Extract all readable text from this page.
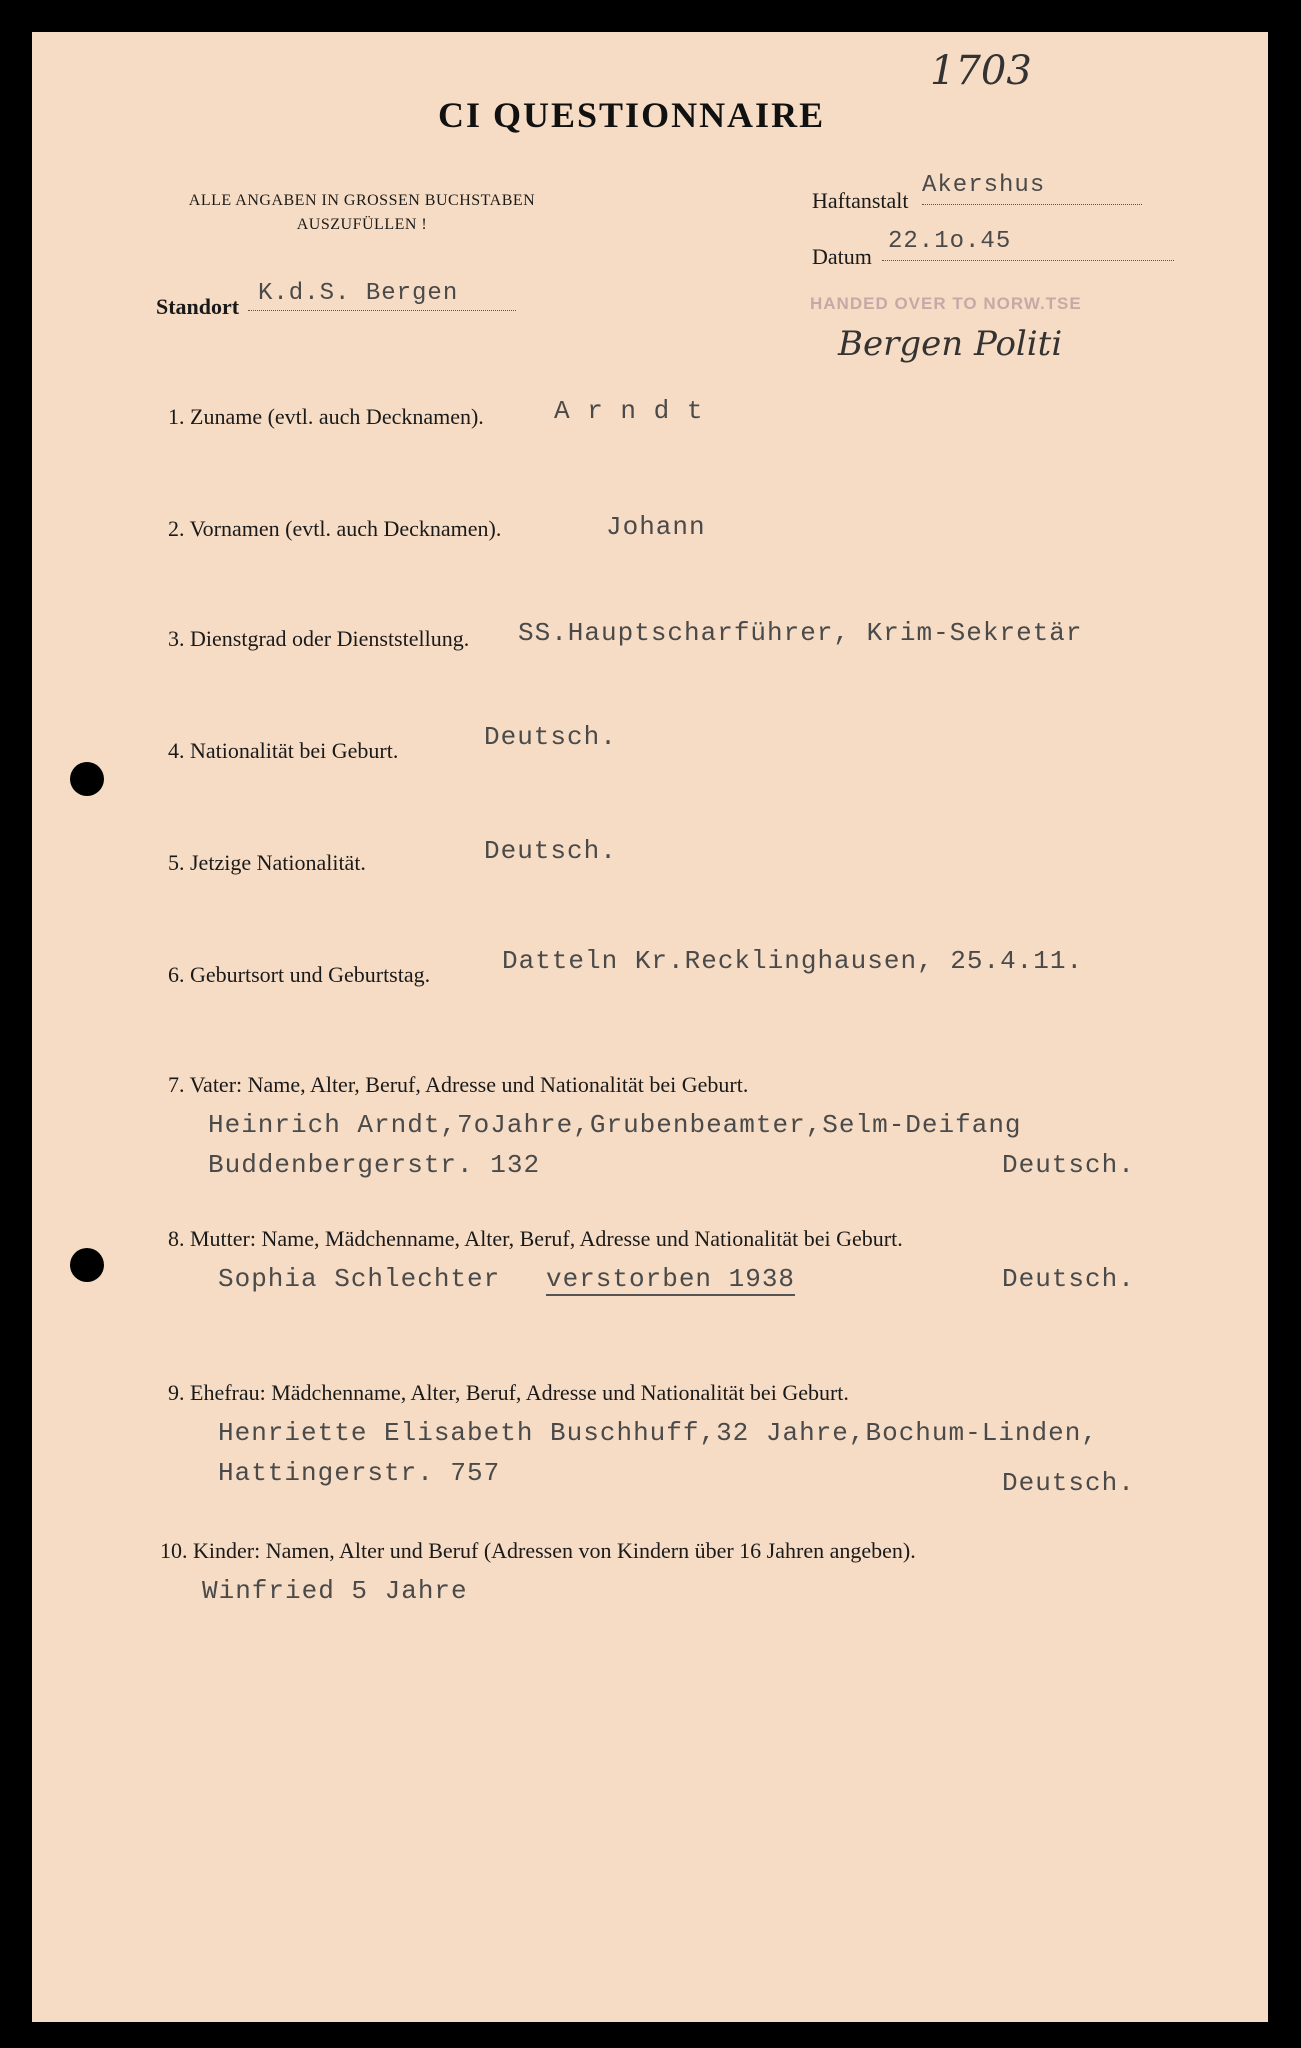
1703
CI QUESTIONNAIRE
ALLE ANGABEN IN GROSSEN BUCHSTABEN
AUSZUFÜLLEN !
Haftanstalt
Akershus
Datum
22.1o.45
HANDED OVER TO NORW.TSE
Bergen Politi
Standort K.d.S. Bergen
1. Zuname (evtl. auch Decknamen).	A r n d t
2. Vornamen (evtl. auch Decknamen).	Johann
3. Dienstgrad oder Dienststellung. SS.Hauptscharführer, Krim-Sekretär
4. Nationalität bei Geburt.	Deutsch.
5. Jetzige Nationalität.	Deutsch.
6. Geburtsort und Geburtstag.	Datteln Kr.Recklinghausen, 25.4.11.
7. Vater: Name, Alter, Beruf, Adresse und Nationalität bei Geburt.
Heinrich Arndt,7oJahre,Grubenbeamter,Selm-Deifang
Buddenbergerstr. 132	Deutsch.
8. Mutter: Name, Mädchenname, Alter, Beruf, Adresse und Nationalität bei Geburt.
Sophia Schlechter verstorben 1938	Deutsch.
9. Ehefrau: Mädchenname, Alter, Beruf, Adresse und Nationalität bei Geburt.
Henriette Elisabeth Buschhuff,32 Jahre,Bochum-Linden,
Hattingerstr. 757	Deutsch.
10. Kinder: Namen, Alter und Beruf (Adressen von Kindern über 16 Jahren angeben).
Winfried 5 Jahre
